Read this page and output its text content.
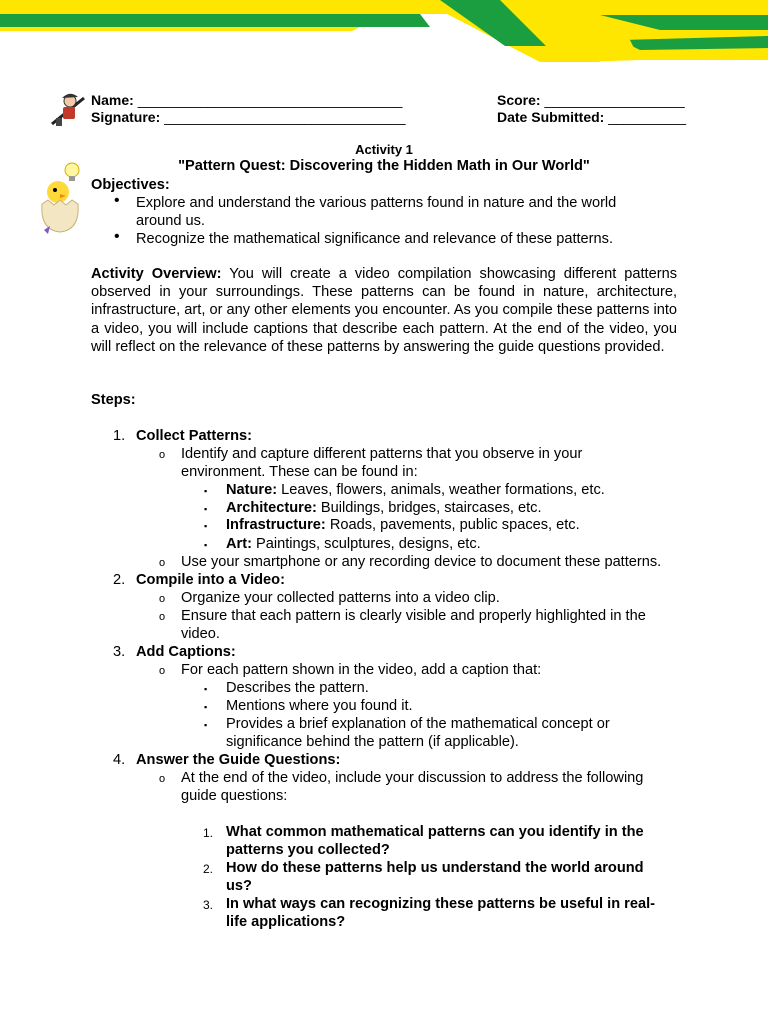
Name: __________________________________
Signature: _______________________________
Score: __________________
Date Submitted: __________
Activity 1
"Pattern Quest: Discovering the Hidden Math in Our World"
Objectives:
• Explore and understand the various patterns found in nature and the world
around us.
• Recognize the mathematical significance and relevance of these patterns.
Activity Overview: You will create a video compilation showcasing different patterns observed in your surroundings. These patterns can be found in nature, architecture, infrastructure, art, or any other elements you encounter. As you compile these patterns into a video, you will include captions that describe each pattern. At the end of the video, you will reflect on the relevance of these patterns by answering the guide questions provided.
Steps:
1. Collect Patterns:
o Identify and capture different patterns that you observe in your
environment. These can be found in:
▪ Nature: Leaves, flowers, animals, weather formations, etc.
▪ Architecture: Buildings, bridges, staircases, etc.
▪ Infrastructure: Roads, pavements, public spaces, etc.
▪ Art: Paintings, sculptures, designs, etc.
o Use your smartphone or any recording device to document these patterns.
2. Compile into a Video:
o Organize your collected patterns into a video clip.
o Ensure that each pattern is clearly visible and properly highlighted in the
video.
3. Add Captions:
o For each pattern shown in the video, add a caption that:
▪ Describes the pattern.
▪ Mentions where you found it.
▪ Provides a brief explanation of the mathematical concept or
significance behind the pattern (if applicable).
4. Answer the Guide Questions:
o At the end of the video, include your discussion to address the following
guide questions:
1. What common mathematical patterns can you identify in the
patterns you collected?
2. How do these patterns help us understand the world around
us?
3. In what ways can recognizing these patterns be useful in real-
life applications?
